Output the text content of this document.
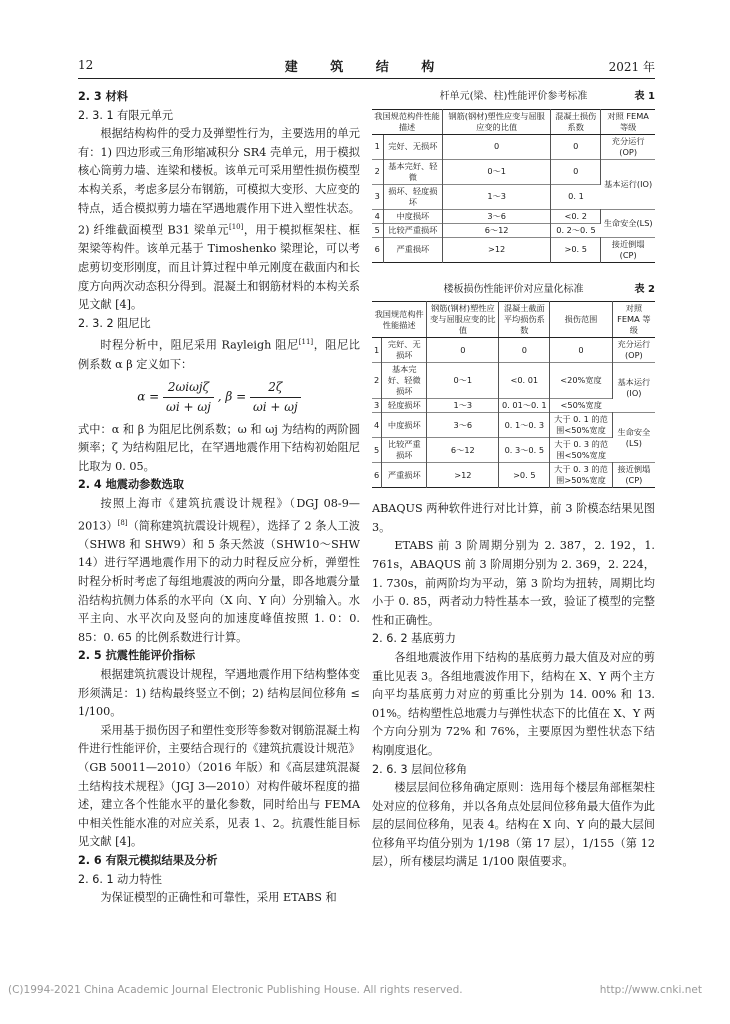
12	建 筑 结 构	2021 年

2. 3 材料

2. 3. 1 有限元单元

根据结构构件的受力及弹塑性行为，主要选用的单元有：1) 四边形或三角形缩减积分 SR4 壳单元，用于模拟核心筒剪力墙、连梁和楼板。该单元可采用塑性损伤模型本构关系，考虑多层分布钢筋，可模拟大变形、大应变的特点，适合模拟剪力墙在罕遇地震作用下进入塑性状态。2) 纤维截面模型 B31 梁单元[10]，用于模拟框架柱、框架梁等构件。该单元基于 Timoshenko 梁理论，可以考虑剪切变形刚度，而且计算过程中单元刚度在截面内和长度方向两次动态积分得到。混凝土和钢筋材料的本构关系见文献 [4]。

2. 3. 2 阻尼比

时程分析中，阻尼采用 Rayleigh 阻尼[11]，阻尼比例系数 α β 定义如下：

$\alpha = \frac{\text{2ωiωjζ}}{\omega i + \omega j}$ , $\beta = \frac{2\zeta}{\omega i + \omega j}$

式中：α 和 β 为阻尼比例系数；ω 和 ωj 为结构的两阶圆频率；ζ 为结构阻尼比，在罕遇地震作用下结构初始阻尼比取为 0. 05。

2. 4 地震动参数选取

按照上海市《建筑抗震设计规程》（DGJ 08-9—2013）[8]（简称建筑抗震设计规程），选择了 2 条人工波（SHW8 和 SHW9）和 5 条天然波（SHW10～SHW 14）进行罕遇地震作用下的动力时程反应分析，弹塑性时程分析时考虑了每组地震波的两向分量，即各地震分量沿结构抗侧力体系的水平向（X 向、Y 向）分别输入。水平主向、水平次向及竖向的加速度峰值按照 1. 0：0. 85：0. 65 的比例系数进行计算。

2. 5 抗震性能评价指标

根据建筑抗震设计规程，罕遇地震作用下结构整体变形须满足：1) 结构最终竖立不倒；2) 结构层间位移角 ≤ 1/100。

采用基于损伤因子和塑性变形等参数对钢筋混凝土构件进行性能评价，主要结合现行的《建筑抗震设计规范》（GB 50011—2010）（2016 年版）和《高层建筑混凝土结构技术规程》（JGJ 3—2010）对构件破坏程度的描述，建立各个性能水平的量化参数，同时给出与 FEMA 中相关性能水准的对应关系，见表 1、2。抗震性能目标见文献 [4]。

2. 6 有限元模拟结果及分析

2. 6. 1 动力特性

为保证模型的正确性和可靠性，采用 ETABS 和

杆单元(梁、柱)性能评价参考标准	表 1
我国规范构件性能描述		钢筋(钢材)塑性应变与屈服应变的比值	混凝土损伤系数	对照 FEMA 等级
1	完好、无损坏	0	0	充分运行(OP)
2	基本完好、轻微	0～1	0	基本运行(IO)
3	损坏、轻度损坏	1～3	0. 1	
4	中度损坏	3～6	<0. 2	生命安全(LS)
5	比较严重损坏	6～12	0. 2～0. 5	
6	严重损坏	>12	>0. 5	接近倒塌(CP)
楼板损伤性能评价对应量化标准	表 2
我国规范构件性能描述		钢筋(钢材)塑性应变与屈服应变的比值	混凝土截面平均损伤系数	损伤范围	对照 FEMA 等级
1	完好、无损坏	0	0	0	充分运行(OP)
2	基本完好、轻微损坏	0～1	<0. 01	<20%宽度	基本运行(IO)
3	轻度损坏	1～3	0. 01～0. 1	<50%宽度	
4	中度损坏	3～6	0. 1～0. 3	大于 0. 1 的范围<50%宽度	生命安全(LS)
5	比较严重损坏	6～12	0. 3～0. 5	大于 0. 3 的范围<50%宽度	
6	严重损坏	>12	>0. 5	大于 0. 3 的范围>50%宽度	接近倒塌(CP)

ABAQUS 两种软件进行对比计算，前 3 阶模态结果见图 3。

ETABS 前 3 阶周期分别为 2. 387，2. 192，1. 761s，ABAQUS 前 3 阶周期分别为 2. 369，2. 224，1. 730s，前两阶均为平动，第 3 阶均为扭转，周期比均小于 0. 85，两者动力特性基本一致，验证了模型的完整性和正确性。

2. 6. 2 基底剪力

各组地震波作用下结构的基底剪力最大值及对应的剪重比见表 3。各组地震波作用下，结构在 X、Y 两个主方向平均基底剪力对应的剪重比分别为 14. 00% 和 13. 01%。结构塑性总地震力与弹性状态下的比值在 X、Y 两个方向分别为 72% 和 76%，主要原因为塑性状态下结构刚度退化。

2. 6. 3 层间位移角

楼层层间位移角确定原则：选用每个楼层角部框架柱处对应的位移角，并以各角点处层间位移角最大值作为此层的层间位移角，见表 4。结构在 X 向、Y 向的最大层间位移角平均值分别为 1/198（第 17 层），1/155（第 12 层），所有楼层均满足 1/100 限值要求。

(C)1994-2021 China Academic Journal Electronic Publishing House. All rights reserved.	http://www.cnki.net
